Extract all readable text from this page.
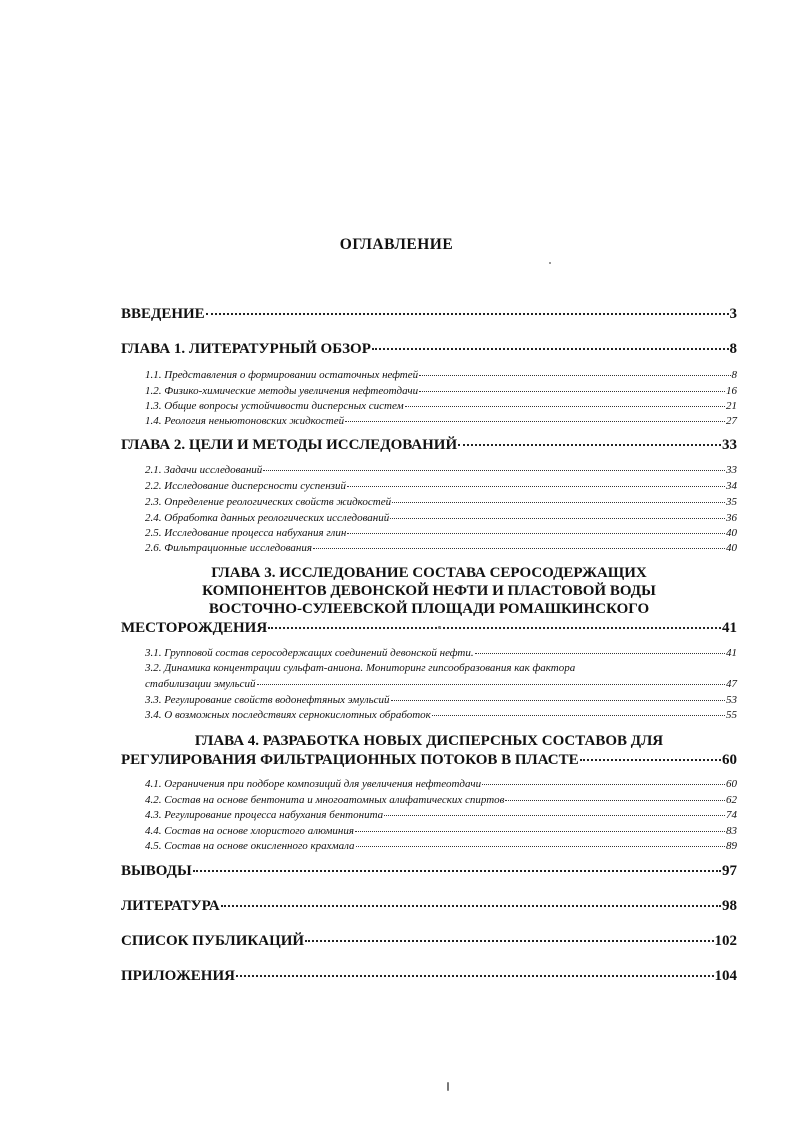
ОГЛАВЛЕНИЕ
ВВЕДЕНИЕ	3
ГЛАВА 1. ЛИТЕРАТУРНЫЙ ОБЗОР	8
1.1. Представления о формировании остаточных нефтей	8
1.2. Физико-химические методы увеличения нефтеотдачи	16
1.3. Общие вопросы устойчивости дисперсных систем	21
1.4. Реология неньютоновских жидкостей	27
ГЛАВА 2. ЦЕЛИ И МЕТОДЫ ИССЛЕДОВАНИЙ	33
2.1. Задачи исследований	33
2.2. Исследование дисперсности суспензий	34
2.3. Определение реологических свойств жидкостей	35
2.4. Обработка данных реологических исследований	36
2.5. Исследование процесса набухания глин	40
2.6. Фильтрационные исследования	40
ГЛАВА 3. ИССЛЕДОВАНИЕ СОСТАВА СЕРОСОДЕРЖАЩИХ
КОМПОНЕНТОВ ДЕВОНСКОЙ НЕФТИ И ПЛАСТОВОЙ ВОДЫ
ВОСТОЧНО-СУЛЕЕВСКОЙ ПЛОЩАДИ РОМАШКИНСКОГО
МЕСТОРОЖДЕНИЯ	41
3.1. Групповой состав серосодержащих соединений девонской нефти.	41
3.2. Динамика концентрации сульфат-аниона. Мониторинг гипсообразования как фактора
стабилизации эмульсий	47
3.3. Регулирование свойств водонефтяных эмульсий	53
3.4. О возможных последствиях сернокислотных обработок	55
ГЛАВА 4. РАЗРАБОТКА НОВЫХ ДИСПЕРСНЫХ СОСТАВОВ ДЛЯ
РЕГУЛИРОВАНИЯ ФИЛЬТРАЦИОННЫХ ПОТОКОВ В ПЛАСТЕ	60
4.1. Ограничения при подборе композиций для увеличения нефтеотдачи	60
4.2. Состав на основе бентонита и многоатомных алифатических спиртов	62
4.3. Регулирование процесса набухания бентонита	74
4.4. Состав на основе хлористого алюминия	83
4.5. Состав на основе окисленного крахмала	89
ВЫВОДЫ	97
ЛИТЕРАТУРА	98
СПИСОК ПУБЛИКАЦИЙ	102
ПРИЛОЖЕНИЯ	104
